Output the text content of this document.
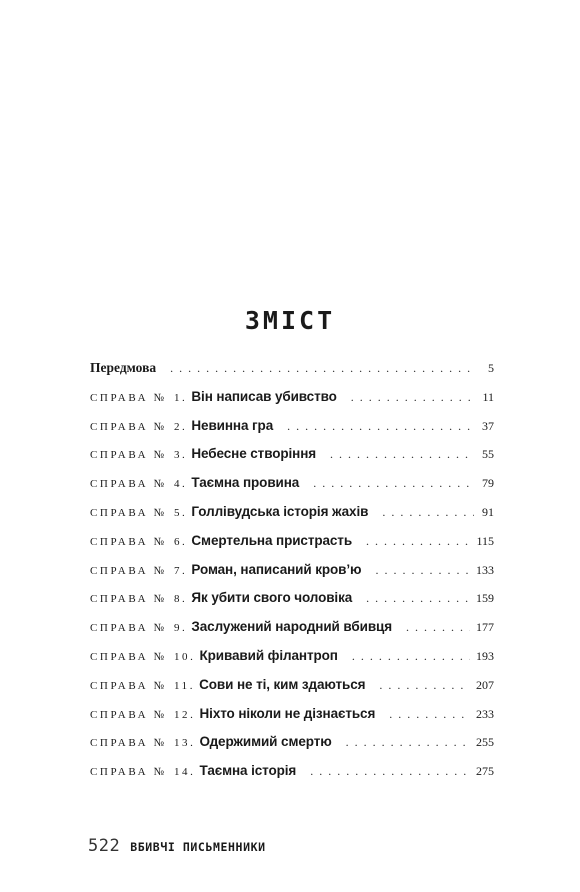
ЗМІСТ
Передмова . . .	5
СПРАВА № 1. Він написав убивство . . .	11
СПРАВА № 2. Невинна гра . . .	37
СПРАВА № 3. Небесне створіння . . .	55
СПРАВА № 4. Таємна провина . . .	79
СПРАВА № 5. Голлівудська історія жахів . . .	91
СПРАВА № 6. Смертельна пристрасть . . .	115
СПРАВА № 7. Роман, написаний кров’ю . . .	133
СПРАВА № 8. Як убити свого чоловіка . . .	159
СПРАВА № 9. Заслужений народний вбивця . . .	177
СПРАВА № 10. Кривавий філантроп . . .	193
СПРАВА № 11. Сови не ті, ким здаються . . .	207
СПРАВА № 12. Ніхто ніколи не дізнається . . .	233
СПРАВА № 13. Одержимий смертю . . .	255
СПРАВА № 14. Таємна історія . . .	275
522 ВБИВЧІ ПИСЬМЕННИКИ
